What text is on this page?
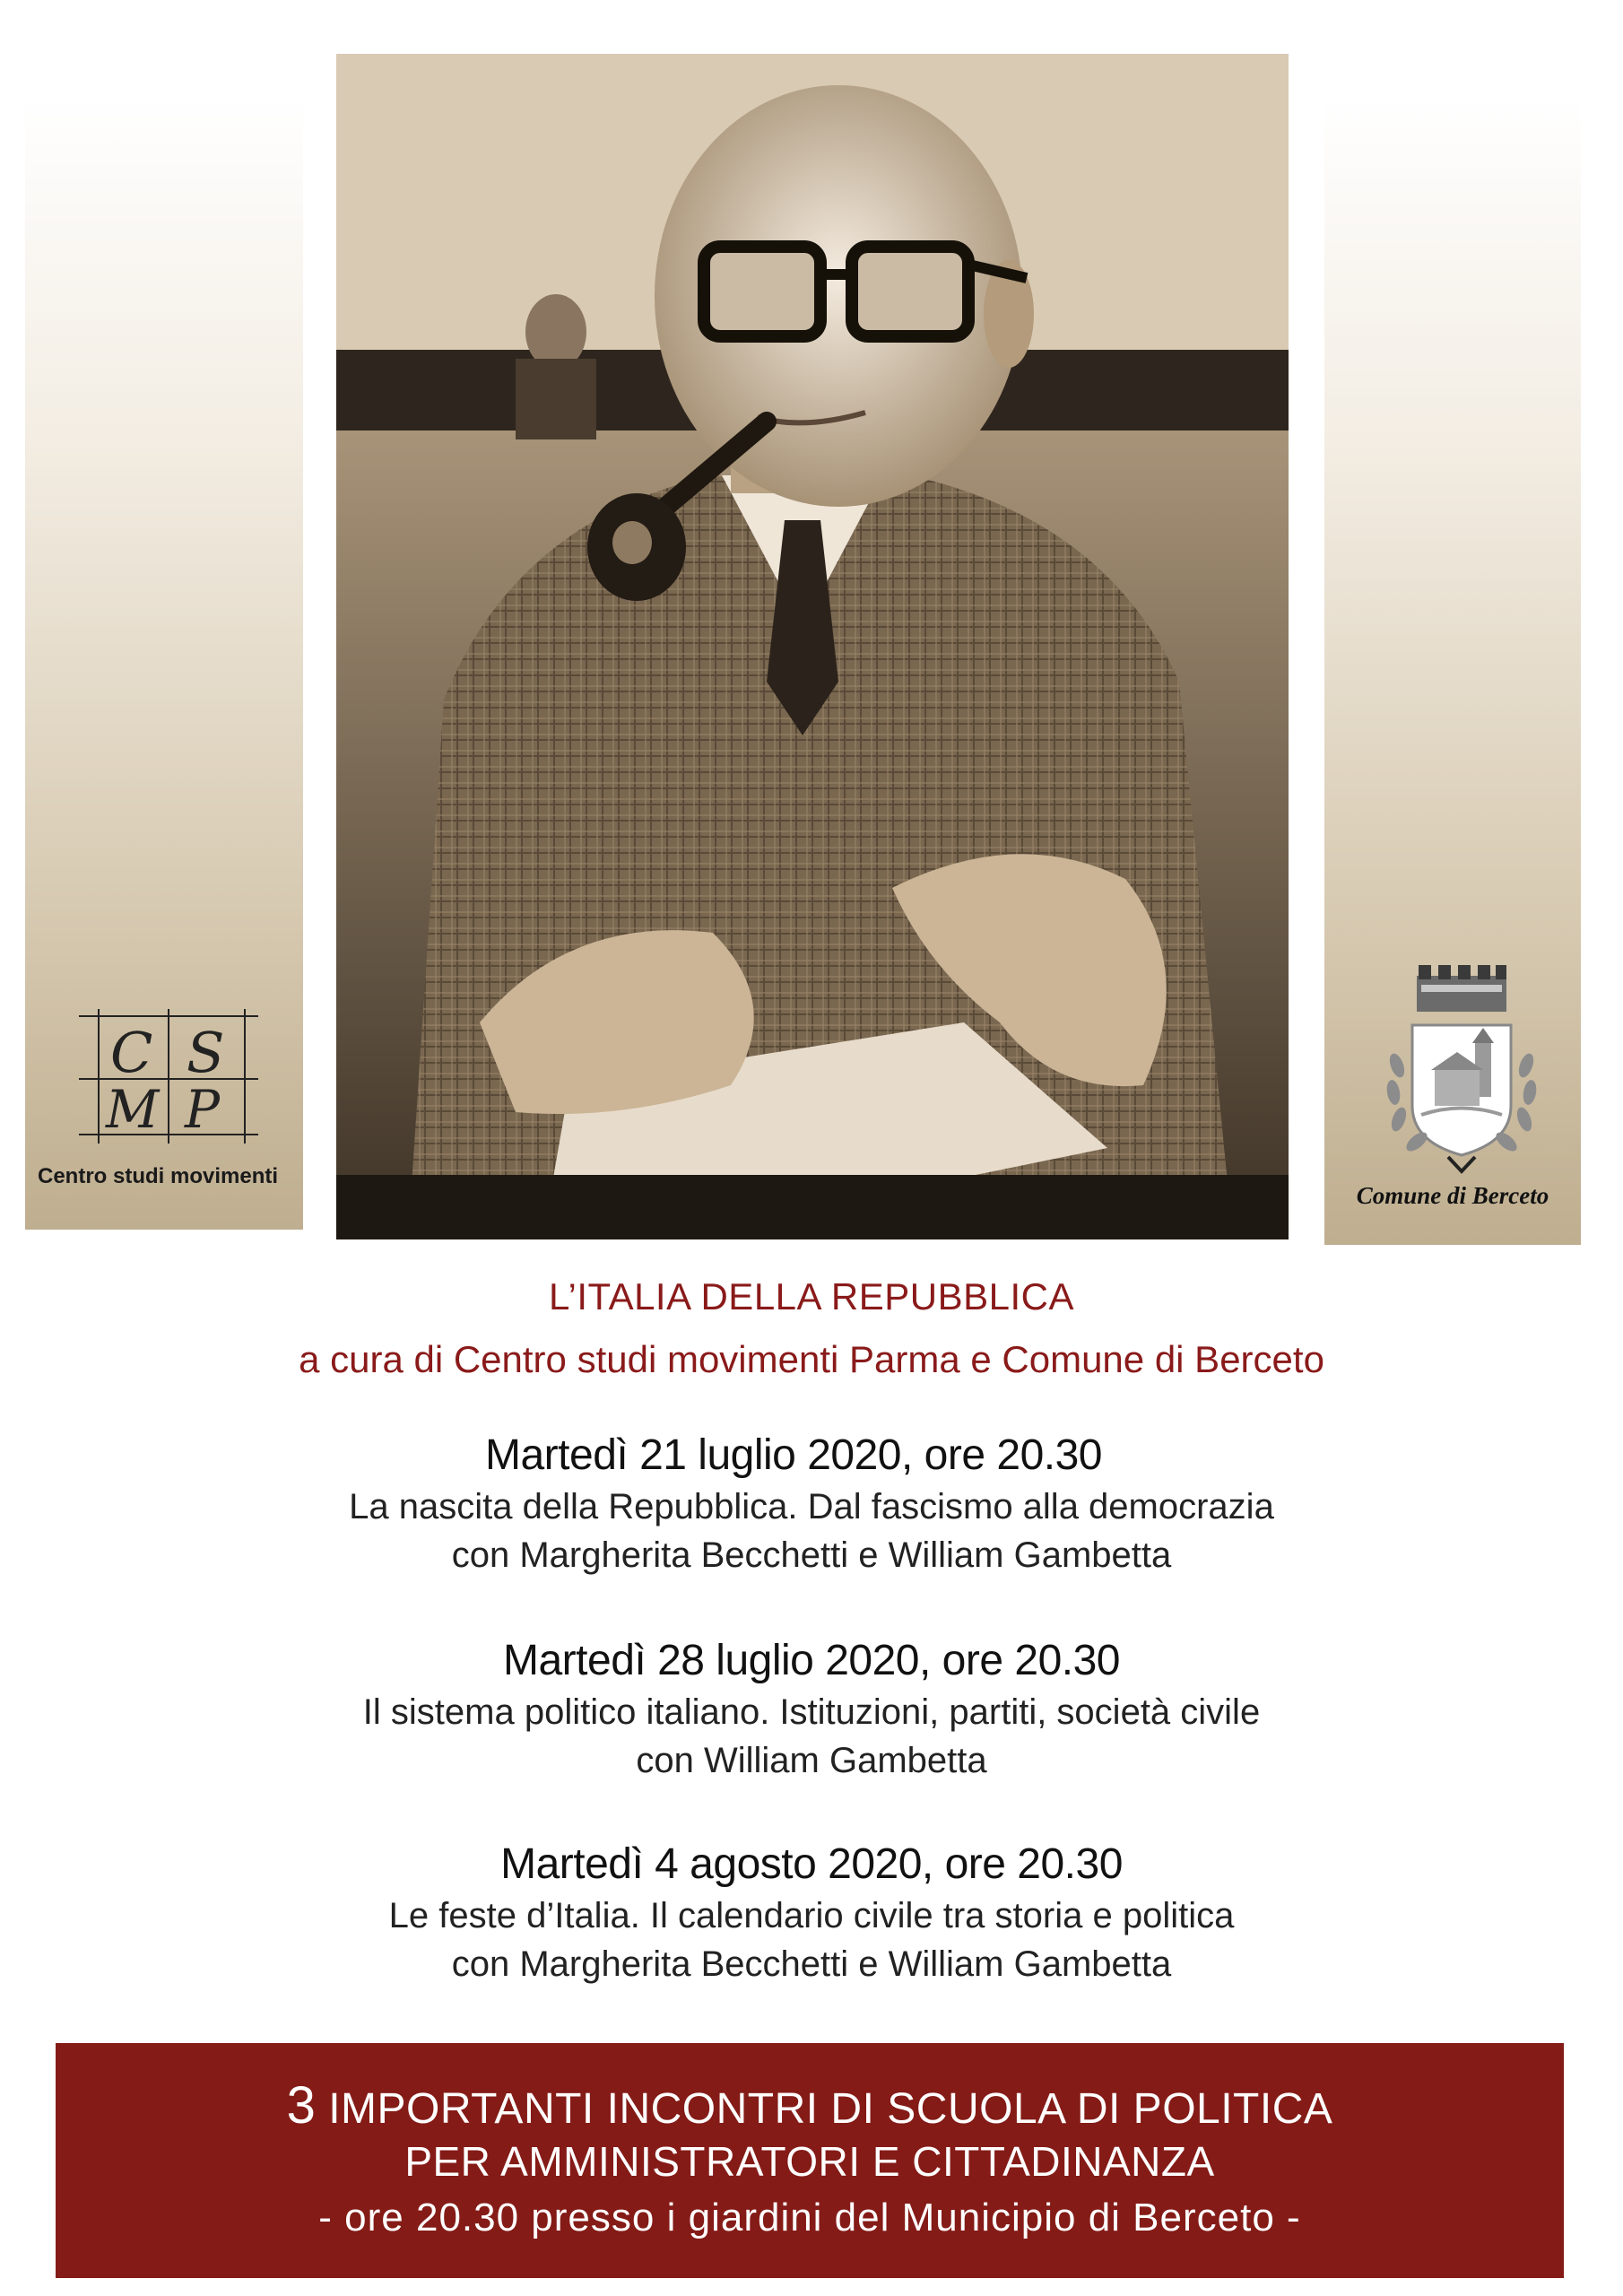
C S
M P
Centro studi movimenti
Comune di Berceto
L’ITALIA DELLA REPUBBLICA
a cura di Centro studi movimenti Parma e Comune di Berceto
Martedì 21 luglio 2020, ore 20.30
La nascita della Repubblica. Dal fascismo alla democrazia
con Margherita Becchetti e William Gambetta
Martedì 28 luglio 2020, ore 20.30
Il sistema politico italiano. Istituzioni, partiti, società civile
con William Gambetta
Martedì 4 agosto 2020, ore 20.30
Le feste d’Italia. Il calendario civile tra storia e politica
con Margherita Becchetti e William Gambetta
3 IMPORTANTI INCONTRI DI SCUOLA DI POLITICA
PER AMMINISTRATORI E CITTADINANZA
- ore 20.30 presso i giardini del Municipio di Berceto -
